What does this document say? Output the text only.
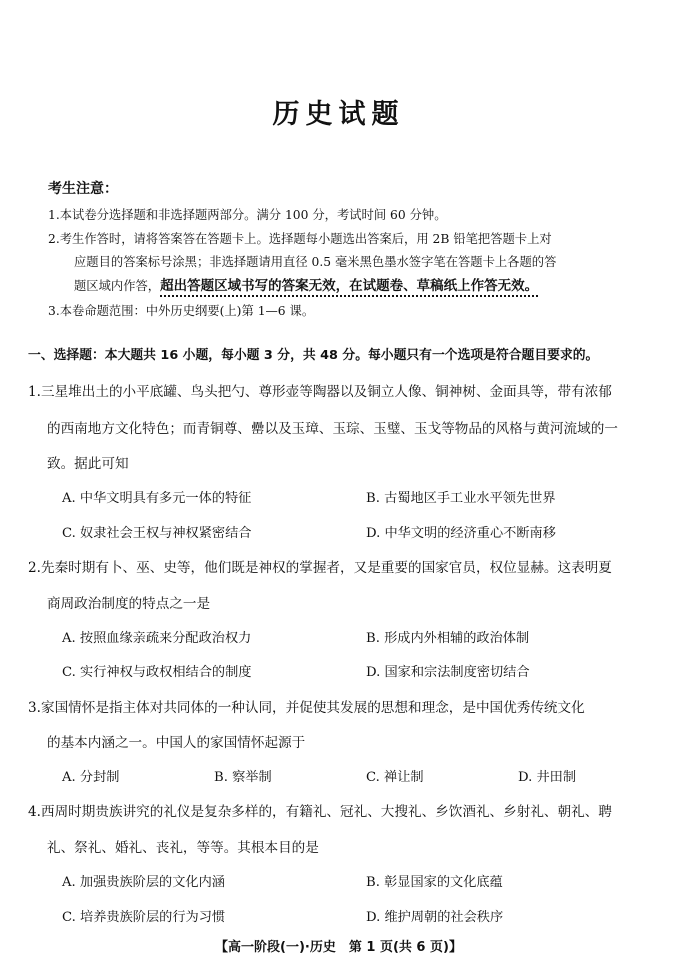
历史试题
考生注意：
1.本试卷分选择题和非选择题两部分。满分 100 分，考试时间 60 分钟。
2.考生作答时，请将答案答在答题卡上。选择题每小题选出答案后，用 2B 铅笔把答题卡上对
应题目的答案标号涂黑；非选择题请用直径 0.5 毫米黑色墨水签字笔在答题卡上各题的答
题区域内作答，超出答题区域书写的答案无效，在试题卷、草稿纸上作答无效。
3.本卷命题范围：中外历史纲要(上)第 1—6 课。
一、选择题：本大题共 16 小题，每小题 3 分，共 48 分。每小题只有一个选项是符合题目要求的。
1.三星堆出土的小平底罐、鸟头把勺、尊形壶等陶器以及铜立人像、铜神树、金面具等，带有浓郁
的西南地方文化特色；而青铜尊、罍以及玉璋、玉琮、玉璧、玉戈等物品的风格与黄河流域的一
致。据此可知
A. 中华文明具有多元一体的特征	B. 古蜀地区手工业水平领先世界
C. 奴隶社会王权与神权紧密结合	D. 中华文明的经济重心不断南移
2.先秦时期有卜、巫、史等，他们既是神权的掌握者，又是重要的国家官员，权位显赫。这表明夏
商周政治制度的特点之一是
A. 按照血缘亲疏来分配政治权力	B. 形成内外相辅的政治体制
C. 实行神权与政权相结合的制度	D. 国家和宗法制度密切结合
3.家国情怀是指主体对共同体的一种认同，并促使其发展的思想和理念，是中国优秀传统文化
的基本内涵之一。中国人的家国情怀起源于
A. 分封制	B. 察举制	C. 禅让制	D. 井田制
4.西周时期贵族讲究的礼仪是复杂多样的，有籍礼、冠礼、大搜礼、乡饮酒礼、乡射礼、朝礼、聘
礼、祭礼、婚礼、丧礼，等等。其根本目的是
A. 加强贵族阶层的文化内涵	B. 彰显国家的文化底蕴
C. 培养贵族阶层的行为习惯	D. 维护周朝的社会秩序
【高一阶段(一)·历史　第 1 页(共 6 页)】
